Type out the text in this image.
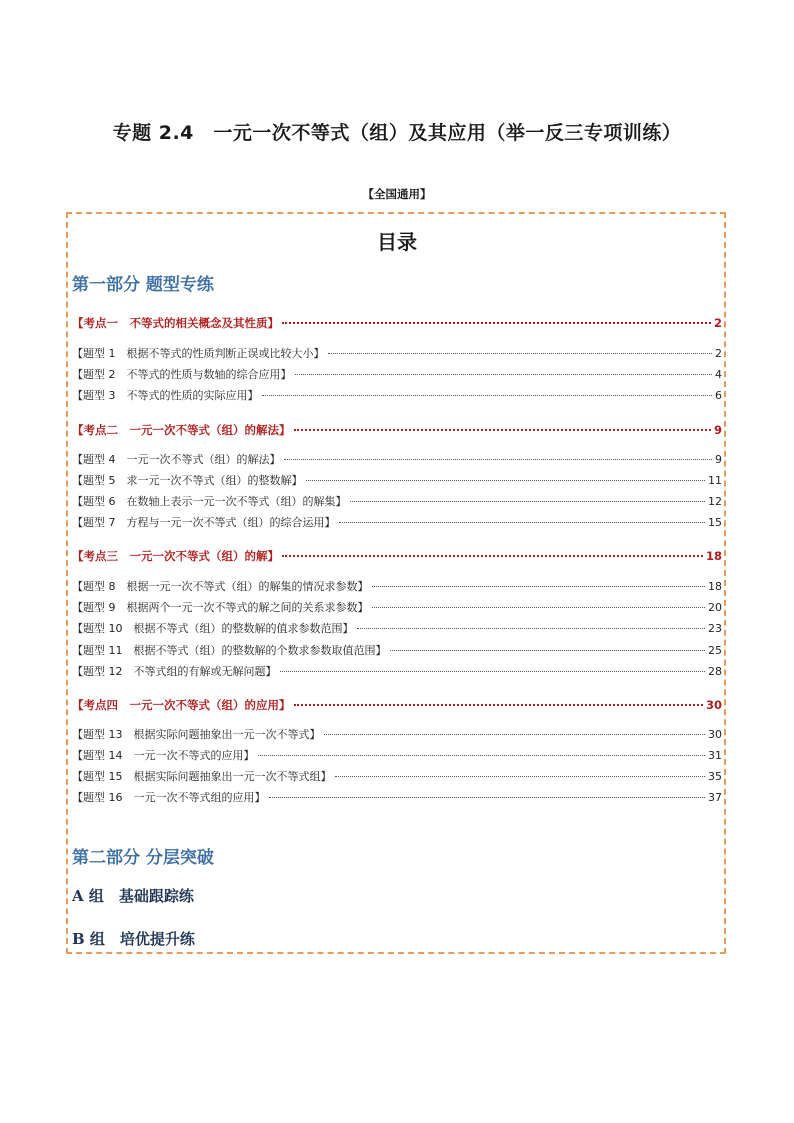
专题 2.4　一元一次不等式（组）及其应用（举一反三专项训练）
【全国通用】
目录
第一部分 题型专练
【考点一　不等式的相关概念及其性质】	2
【题型 1　根据不等式的性质判断正误或比较大小】	2
【题型 2　不等式的性质与数轴的综合应用】	4
【题型 3　不等式的性质的实际应用】	6
【考点二　一元一次不等式（组）的解法】	9
【题型 4　一元一次不等式（组）的解法】	9
【题型 5　求一元一次不等式（组）的整数解】	11
【题型 6　在数轴上表示一元一次不等式（组）的解集】	12
【题型 7　方程与一元一次不等式（组）的综合运用】	15
【考点三　一元一次不等式（组）的解】	18
【题型 8　根据一元一次不等式（组）的解集的情况求参数】	18
【题型 9　根据两个一元一次不等式的解之间的关系求参数】	20
【题型 10　根据不等式（组）的整数解的值求参数范围】	23
【题型 11　根据不等式（组）的整数解的个数求参数取值范围】	25
【题型 12　不等式组的有解或无解问题】	28
【考点四　一元一次不等式（组）的应用】	30
【题型 13　根据实际问题抽象出一元一次不等式】	30
【题型 14　一元一次不等式的应用】	31
【题型 15　根据实际问题抽象出一元一次不等式组】	35
【题型 16　一元一次不等式组的应用】	37
第二部分 分层突破
A 组　基础跟踪练
B 组　培优提升练
